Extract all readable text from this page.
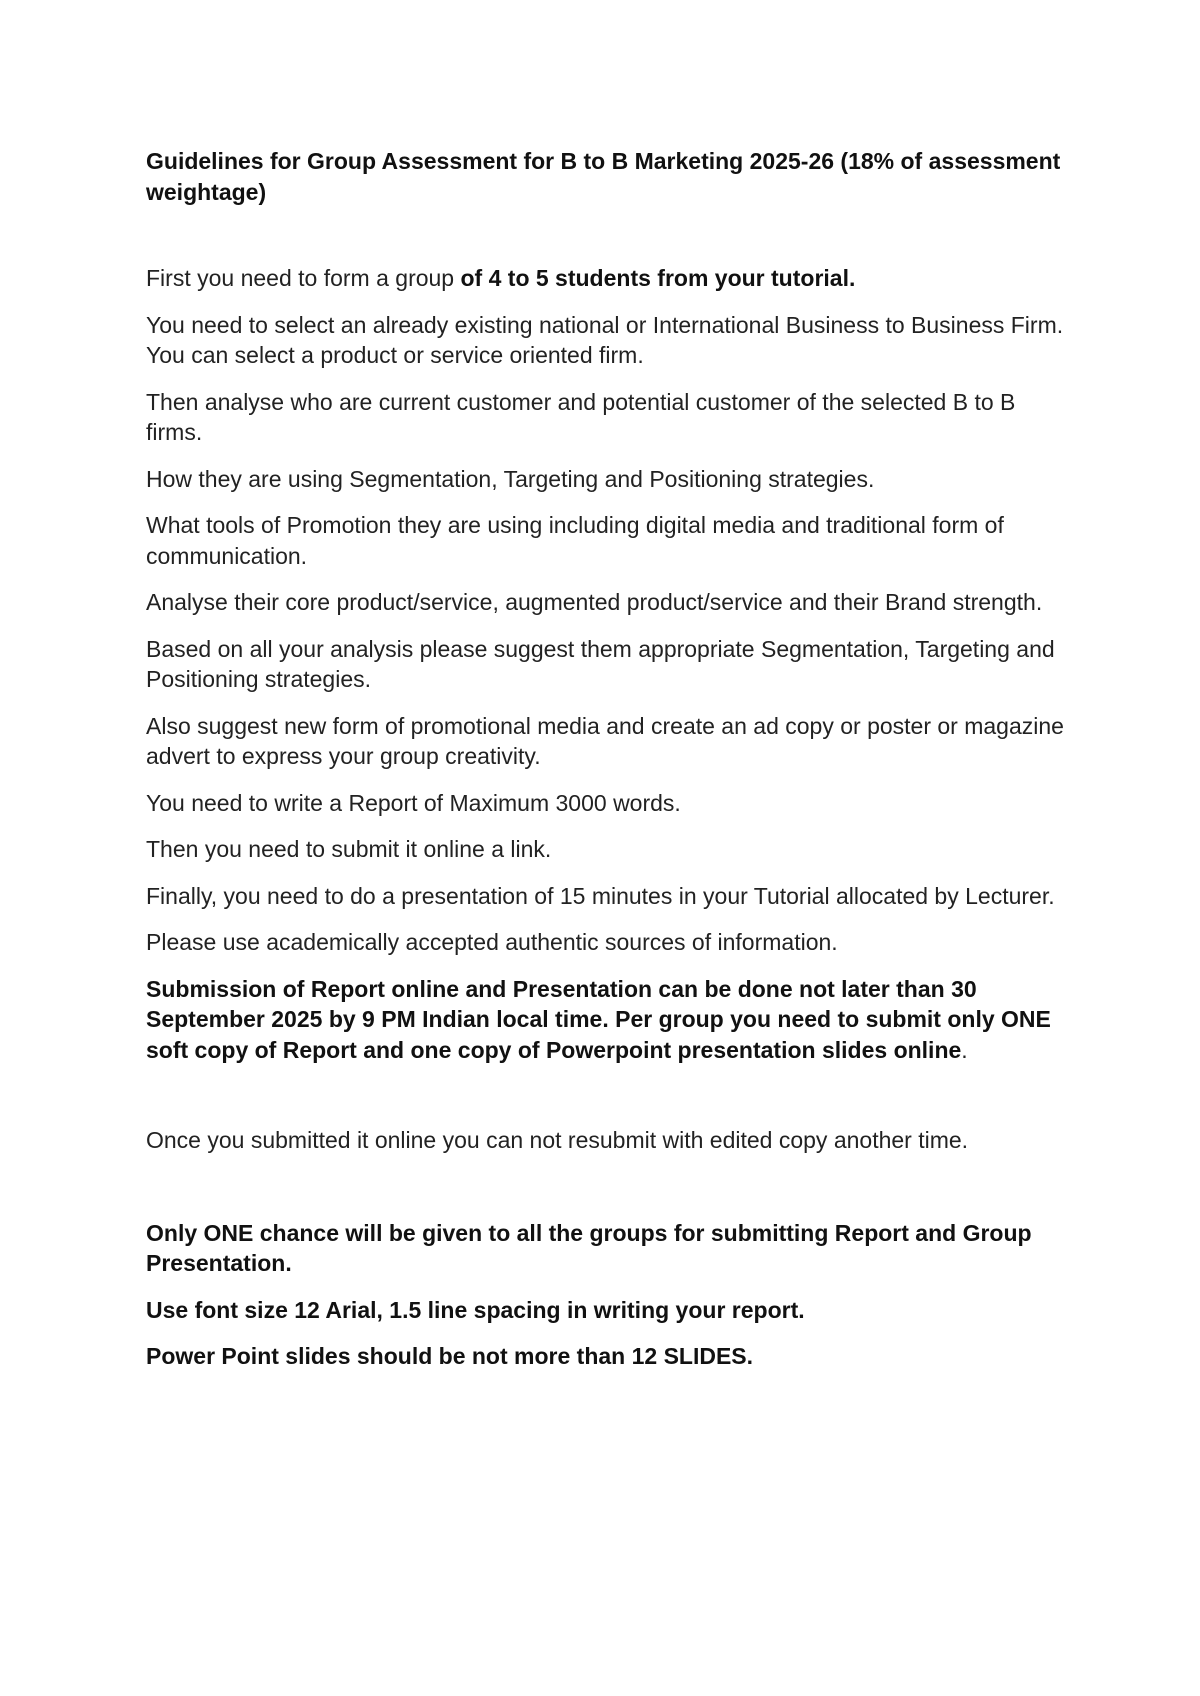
Guidelines for Group Assessment for B to B Marketing 2025-26 (18% of assessment weightage)

First you need to form a group of 4 to 5 students from your tutorial.

You need to select an already existing national or International Business to Business Firm. You can select a product or service oriented firm.

Then analyse who are current customer and potential customer of the selected B to B firms.

How they are using Segmentation, Targeting and Positioning strategies.

What tools of Promotion they are using including digital media and traditional form of communication.

Analyse their core product/service, augmented product/service and their Brand strength.

Based on all your analysis please suggest them appropriate Segmentation, Targeting and Positioning strategies.

Also suggest new form of promotional media and create an ad copy or poster or magazine advert to express your group creativity.

You need to write a Report of Maximum 3000 words.

Then you need to submit it online a link.

Finally, you need to do a presentation of 15 minutes in your Tutorial allocated by Lecturer.

Please use academically accepted authentic sources of information.

Submission of Report online and Presentation can be done not later than 30 September 2025 by 9 PM Indian local time. Per group you need to submit only ONE soft copy of Report and one copy of Powerpoint presentation slides online.

Once you submitted it online you can not resubmit with edited copy another time.

Only ONE chance will be given to all the groups for submitting Report and Group Presentation.

Use font size 12 Arial, 1.5 line spacing in writing your report.

Power Point slides should be not more than 12 SLIDES.
